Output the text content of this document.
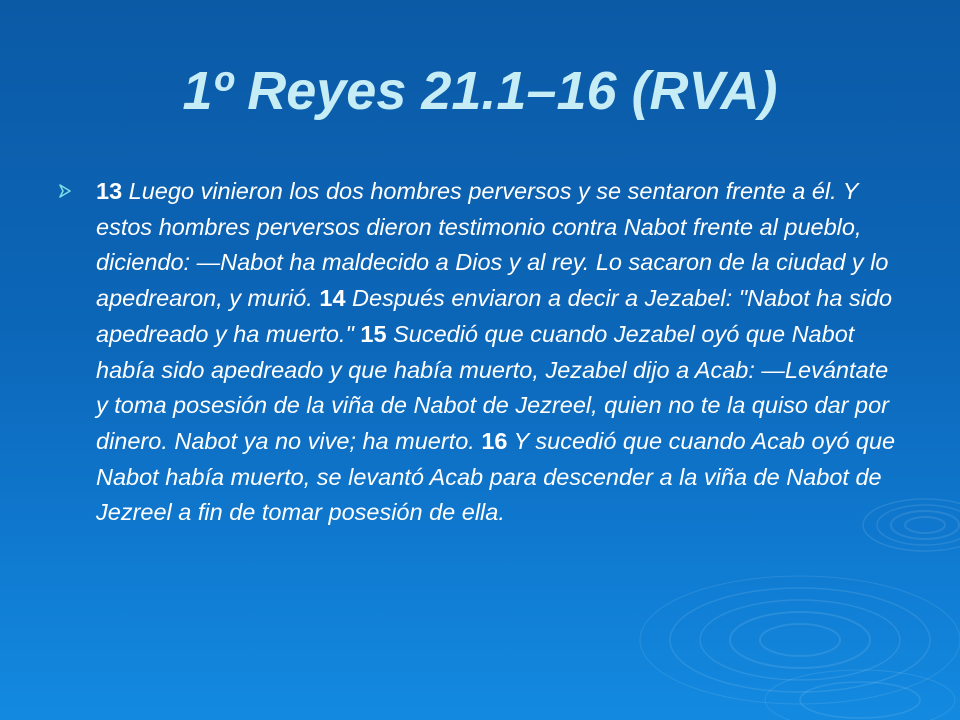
1º Reyes 21.1–16 (RVA)

13 Luego vinieron los dos hombres perversos y se sentaron frente a él. Y estos hombres perversos dieron testimonio contra Nabot frente al pueblo, diciendo: —Nabot ha maldecido a Dios y al rey. Lo sacaron de la ciudad y lo apedrearon, y murió. 14 Después enviaron a decir a Jezabel: "Nabot ha sido apedreado y ha muerto." 15 Sucedió que cuando Jezabel oyó que Nabot había sido apedreado y que había muerto, Jezabel dijo a Acab: —Levántate y toma posesión de la viña de Nabot de Jezreel, quien no te la quiso dar por dinero. Nabot ya no vive; ha muerto. 16 Y sucedió que cuando Acab oyó que Nabot había muerto, se levantó Acab para descender a la viña de Nabot de Jezreel a fin de tomar posesión de ella.
